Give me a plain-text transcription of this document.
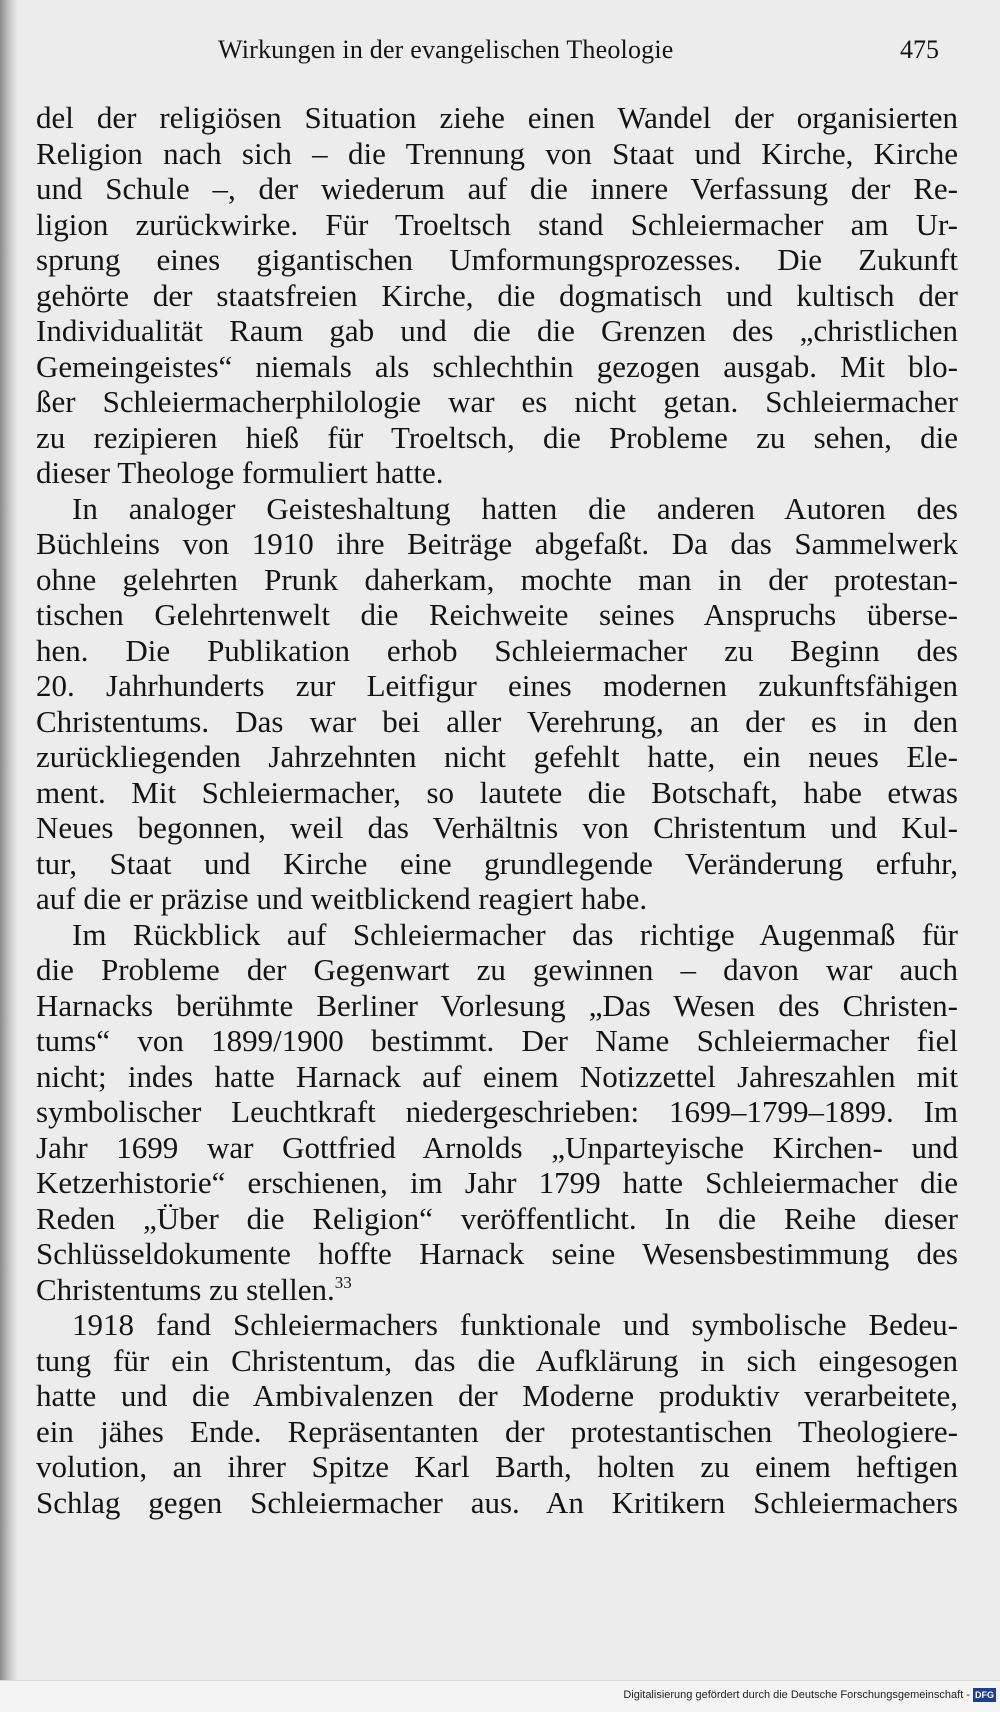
Wirkungen in der evangelischen Theologie	475
del der religiösen Situation ziehe einen Wandel der organisierten
Religion nach sich – die Trennung von Staat und Kirche, Kirche
und Schule –, der wiederum auf die innere Verfassung der Re-
ligion zurückwirke. Für Troeltsch stand Schleiermacher am Ur-
sprung eines gigantischen Umformungsprozesses. Die Zukunft
gehörte der staatsfreien Kirche, die dogmatisch und kultisch der
Individualität Raum gab und die die Grenzen des „christlichen
Gemeingeistes“ niemals als schlechthin gezogen ausgab. Mit blo-
ßer Schleiermacherphilologie war es nicht getan. Schleiermacher
zu rezipieren hieß für Troeltsch, die Probleme zu sehen, die
dieser Theologe formuliert hatte.
In analoger Geisteshaltung hatten die anderen Autoren des
Büchleins von 1910 ihre Beiträge abgefaßt. Da das Sammelwerk
ohne gelehrten Prunk daherkam, mochte man in der protestan-
tischen Gelehrtenwelt die Reichweite seines Anspruchs überse-
hen. Die Publikation erhob Schleiermacher zu Beginn des
20. Jahrhunderts zur Leitfigur eines modernen zukunftsfähigen
Christentums. Das war bei aller Verehrung, an der es in den
zurückliegenden Jahrzehnten nicht gefehlt hatte, ein neues Ele-
ment. Mit Schleiermacher, so lautete die Botschaft, habe etwas
Neues begonnen, weil das Verhältnis von Christentum und Kul-
tur, Staat und Kirche eine grundlegende Veränderung erfuhr,
auf die er präzise und weitblickend reagiert habe.
Im Rückblick auf Schleiermacher das richtige Augenmaß für
die Probleme der Gegenwart zu gewinnen – davon war auch
Harnacks berühmte Berliner Vorlesung „Das Wesen des Christen-
tums“ von 1899/1900 bestimmt. Der Name Schleiermacher fiel
nicht; indes hatte Harnack auf einem Notizzettel Jahreszahlen mit
symbolischer Leuchtkraft niedergeschrieben: 1699–1799–1899. Im
Jahr 1699 war Gottfried Arnolds „Unparteyische Kirchen- und
Ketzerhistorie“ erschienen, im Jahr 1799 hatte Schleiermacher die
Reden „Über die Religion“ veröffentlicht. In die Reihe dieser
Schlüsseldokumente hoffte Harnack seine Wesensbestimmung des
Christentums zu stellen.$^{33}$
1918 fand Schleiermachers funktionale und symbolische Bedeu-
tung für ein Christentum, das die Aufklärung in sich eingesogen
hatte und die Ambivalenzen der Moderne produktiv verarbeitete,
ein jähes Ende. Repräsentanten der protestantischen Theologiere-
volution, an ihrer Spitze Karl Barth, holten zu einem heftigen
Schlag gegen Schleiermacher aus. An Kritikern Schleiermachers
Digitalisierung gefördert durch die Deutsche Forschungsgemeinschaft - DFG
